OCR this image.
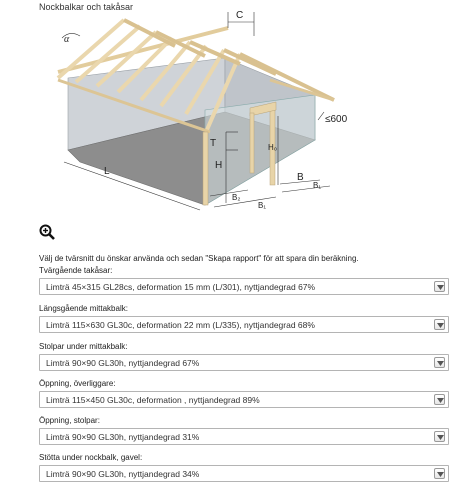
Nockbalkar och takåsar
α
C
≤600
T
H
H₀
L
B
B₁
B₂
B₁
Välj de tvärsnitt du önskar använda och sedan "Skapa rapport" för att spara din beräkning.
Tvärgående takåsar:
Limträ 45×315 GL28cs, deformation 15 mm (L/301), nyttjandegrad 67%
Längsgående mittakbalk:
Limträ 115×630 GL30c, deformation 22 mm (L/335), nyttjandegrad 68%
Stolpar under mittakbalk:
Limträ 90×90 GL30h, nyttjandegrad 67%
Öppning, överliggare:
Limträ 115×450 GL30c, deformation , nyttjandegrad 89%
Öppning, stolpar:
Limträ 90×90 GL30h, nyttjandegrad 31%
Stötta under nockbalk, gavel:
Limträ 90×90 GL30h, nyttjandegrad 34%
